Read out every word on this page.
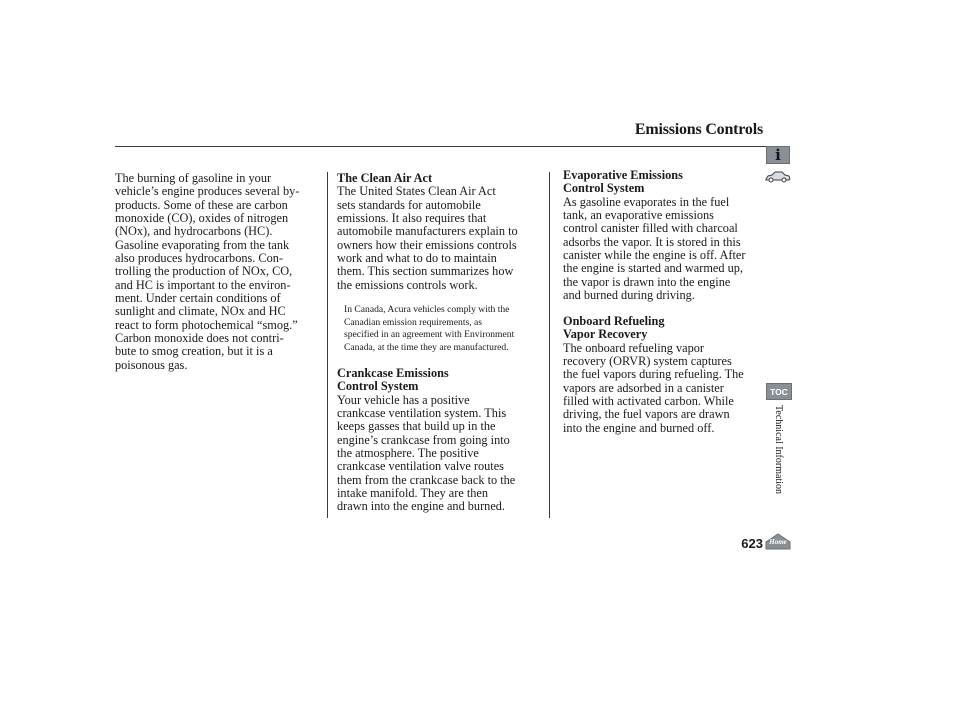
Emissions Controls

The burning of gasoline in your
vehicle’s engine produces several by-
products. Some of these are carbon
monoxide (CO), oxides of nitrogen
(NOx), and hydrocarbons (HC).
Gasoline evaporating from the tank
also produces hydrocarbons. Con-
trolling the production of NOx, CO,
and HC is important to the environ-
ment. Under certain conditions of
sunlight and climate, NOx and HC
react to form photochemical “smog.”
Carbon monoxide does not contri-
bute to smog creation, but it is a
poisonous gas.

The Clean Air Act

The United States Clean Air Act
sets standards for automobile
emissions. It also requires that
automobile manufacturers explain to
owners how their emissions controls
work and what to do to maintain
them. This section summarizes how
the emissions controls work.

In Canada, Acura vehicles comply with the
Canadian emission requirements, as
specified in an agreement with Environment
Canada, at the time they are manufactured.

Crankcase Emissions
Control System

Your vehicle has a positive
crankcase ventilation system. This
keeps gasses that build up in the
engine’s crankcase from going into
the atmosphere. The positive
crankcase ventilation valve routes
them from the crankcase back to the
intake manifold. They are then
drawn into the engine and burned.

Evaporative Emissions
Control System

As gasoline evaporates in the fuel
tank, an evaporative emissions
control canister filled with charcoal
adsorbs the vapor. It is stored in this
canister while the engine is off. After
the engine is started and warmed up,
the vapor is drawn into the engine
and burned during driving.

Onboard Refueling
Vapor Recovery

The onboard refueling vapor
recovery (ORVR) system captures
the fuel vapors during refueling. The
vapors are adsorbed in a canister
filled with activated carbon. While
driving, the fuel vapors are drawn
into the engine and burned off.

i
TOC
Technical Information
623 Home
